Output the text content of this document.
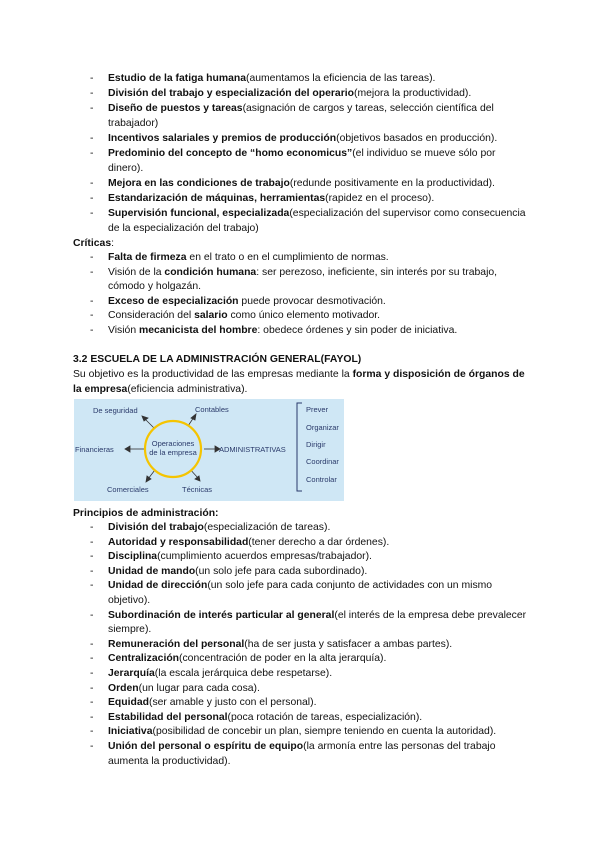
- Estudio de la fatiga humana(aumentamos la eficiencia de las tareas).
- División del trabajo y especialización del operario(mejora la productividad).
- Diseño de puestos y tareas(asignación de cargos y tareas, selección científica del trabajador)
- Incentivos salariales y premios de producción(objetivos basados en producción).
- Predominio del concepto de “homo economicus”(el individuo se mueve sólo por dinero).
- Mejora en las condiciones de trabajo(redunde positivamente en la productividad).
- Estandarización de máquinas, herramientas(rapidez en el proceso).
- Supervisión funcional, especializada(especialización del supervisor como consecuencia de la especialización del trabajo)
Críticas:
- Falta de firmeza en el trato o en el cumplimiento de normas.
- Visión de la condición humana: ser perezoso, ineficiente, sin interés por su trabajo, cómodo y holgazán.
- Exceso de especialización puede provocar desmotivación.
- Consideración del salario como único elemento motivador.
- Visión mecanicista del hombre: obedece órdenes y sin poder de iniciativa.
3.2 ESCUELA DE LA ADMINISTRACIÓN GENERAL(FAYOL)
Su objetivo es la productividad de las empresas mediante la forma y disposición de órganos de la empresa(eficiencia administrativa).
Operaciones
de la empresa
De seguridad	Contables
Financieras	ADMINISTRATIVAS
Comerciales	Técnicas
Prever
Organizar
Dirigir
Coordinar
Controlar
Principios de administración:
- División del trabajo(especialización de tareas).
- Autoridad y responsabilidad(tener derecho a dar órdenes).
- Disciplina(cumplimiento acuerdos empresas/trabajador).
- Unidad de mando(un solo jefe para cada subordinado).
- Unidad de dirección(un solo jefe para cada conjunto de actividades con un mismo objetivo).
- Subordinación de interés particular al general(el interés de la empresa debe prevalecer siempre).
- Remuneración del personal(ha de ser justa y satisfacer a ambas partes).
- Centralización(concentración de poder en la alta jerarquía).
- Jerarquía(la escala jerárquica debe respetarse).
- Orden(un lugar para cada cosa).
- Equidad(ser amable y justo con el personal).
- Estabilidad del personal(poca rotación de tareas, especialización).
- Iniciativa(posibilidad de concebir un plan, siempre teniendo en cuenta la autoridad).
- Unión del personal o espíritu de equipo(la armonía entre las personas del trabajo aumenta la productividad).
